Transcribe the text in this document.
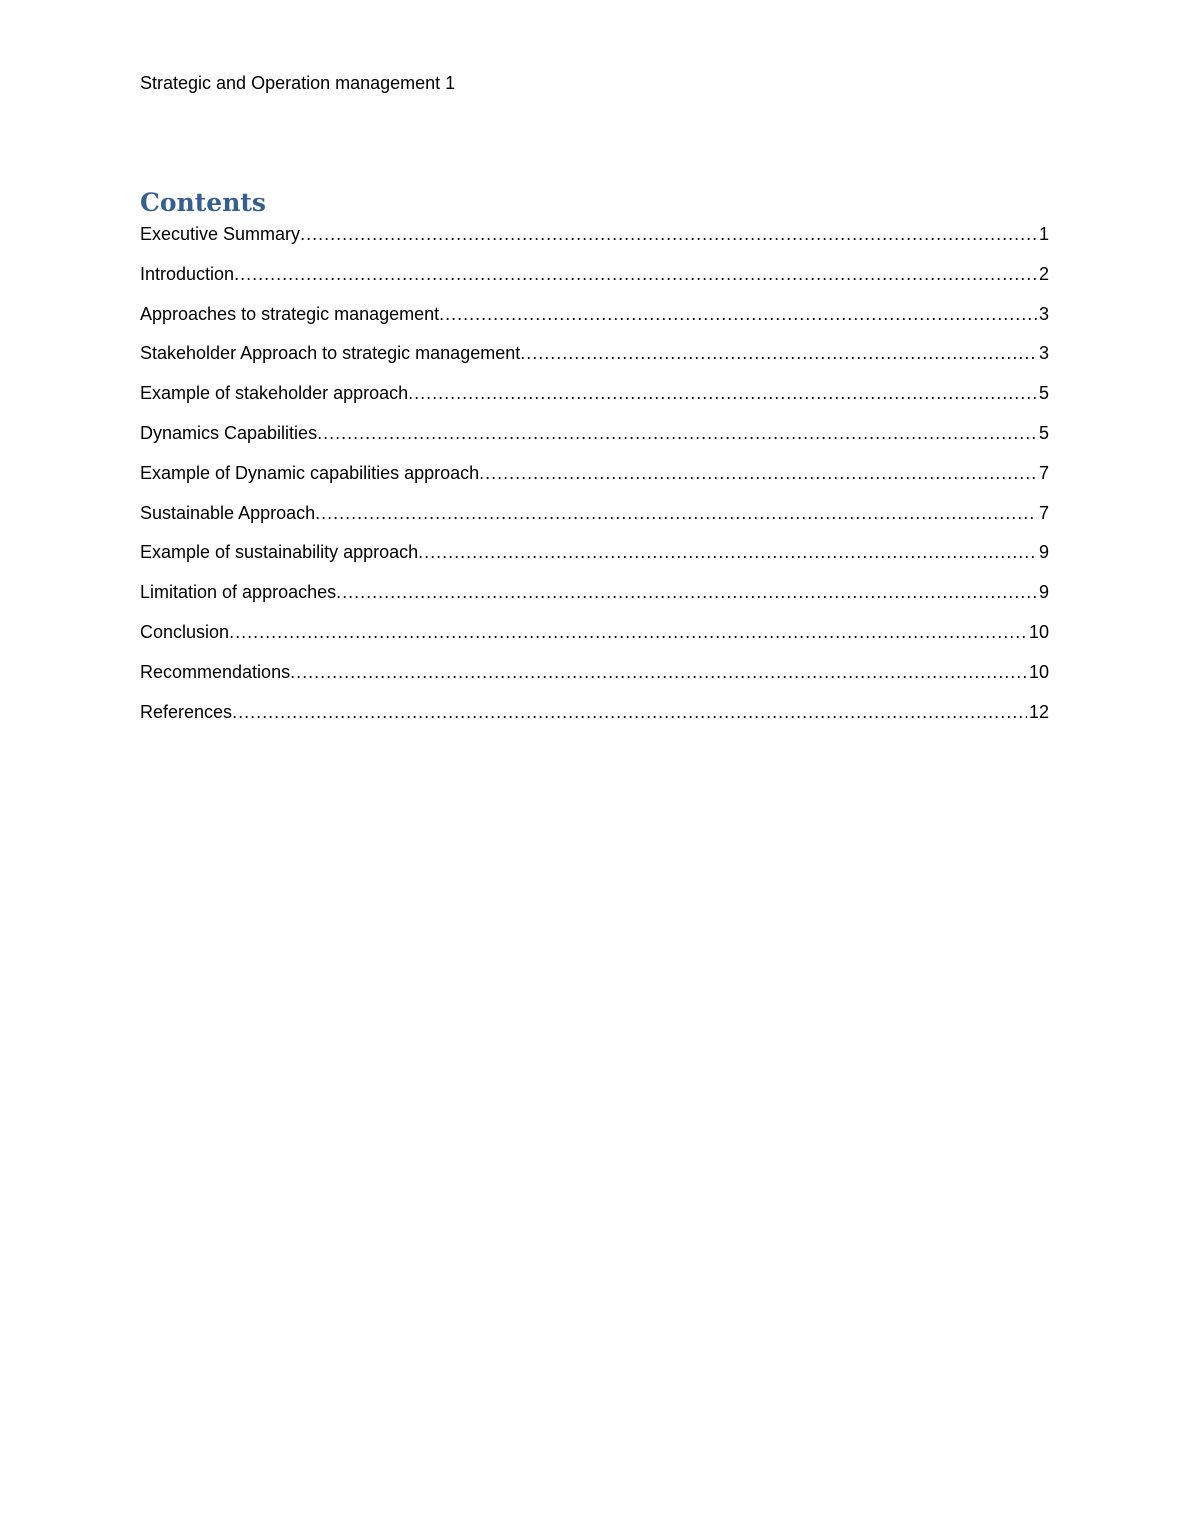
Strategic and Operation management 1
Contents
Executive Summary .....	1
Introduction .....	2
Approaches to strategic management .....	3
Stakeholder Approach to strategic management .....	3
Example of stakeholder approach .....	5
Dynamics Capabilities .....	5
Example of Dynamic capabilities approach .....	7
Sustainable Approach .....	7
Example of sustainability approach .....	9
Limitation of approaches .....	9
Conclusion .....	10
Recommendations .....	10
References .....	12
